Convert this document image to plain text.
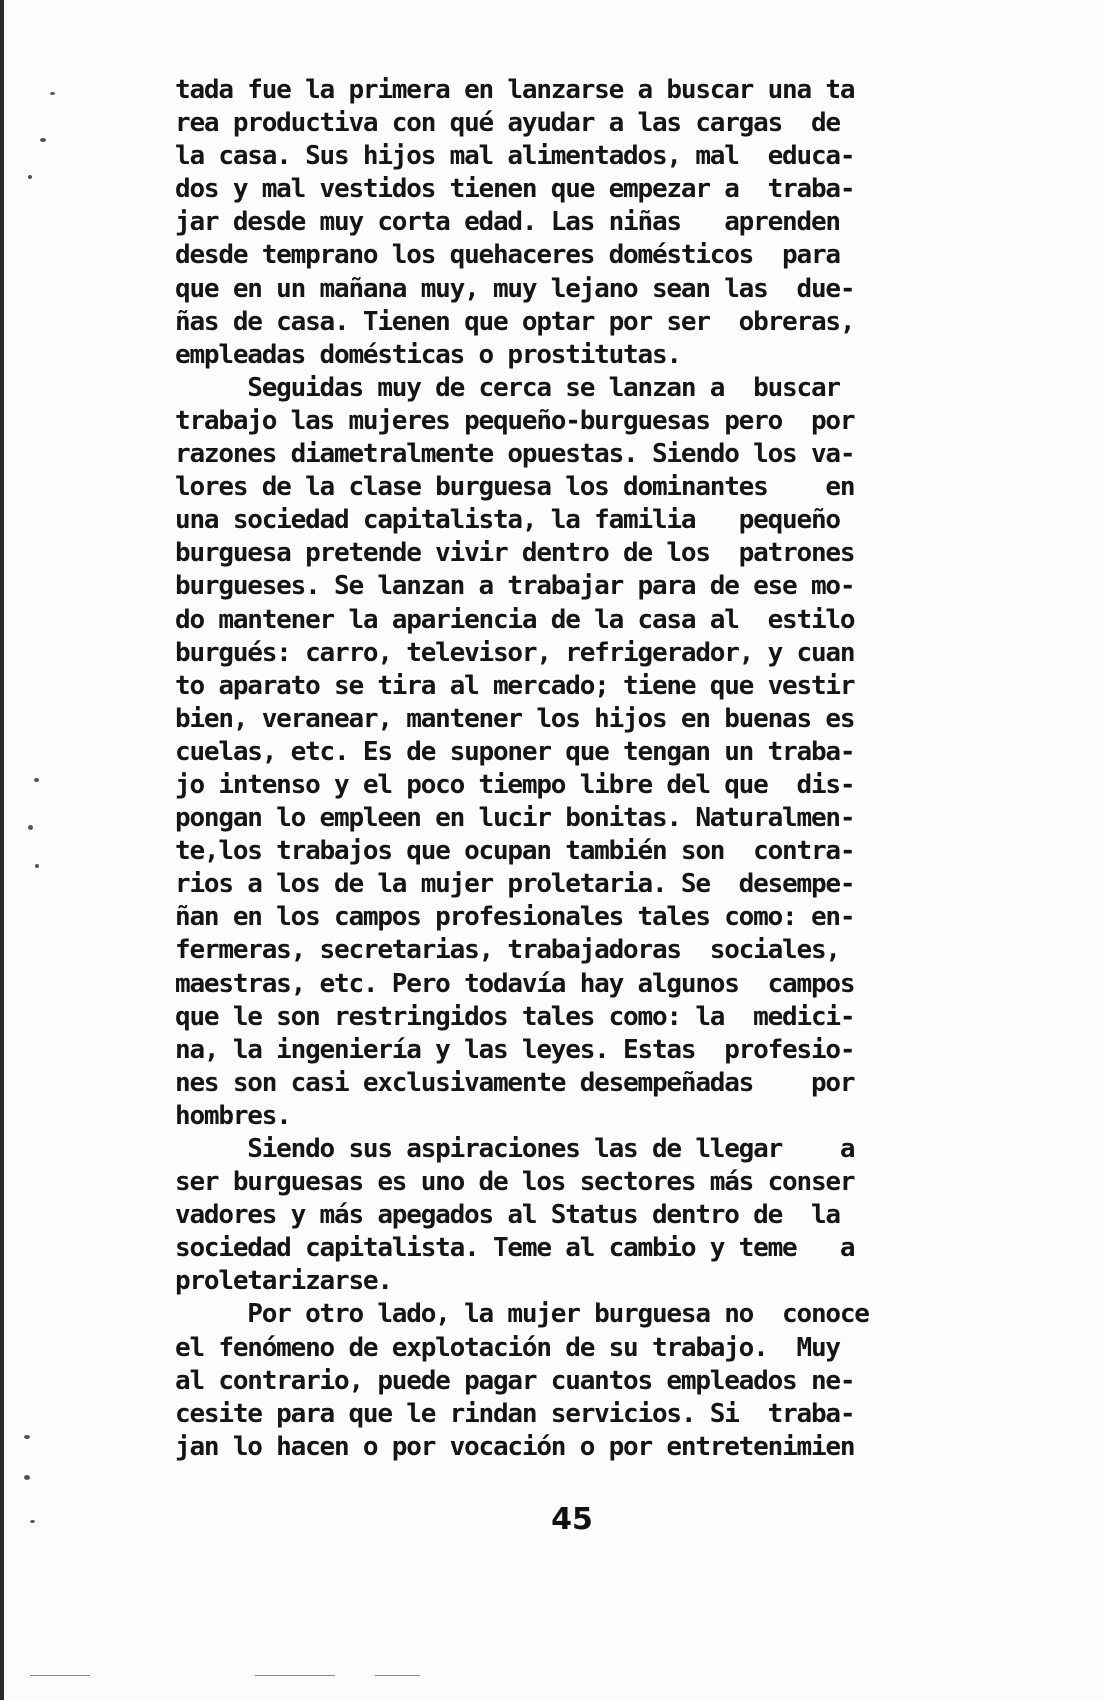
tada fue la primera en lanzarse a buscar una ta
rea productiva con qué ayudar a las cargas  de
la casa. Sus hijos mal alimentados, mal  educa-
dos y mal vestidos tienen que empezar a  traba-
jar desde muy corta edad. Las niñas   aprenden
desde temprano los quehaceres domésticos  para
que en un mañana muy, muy lejano sean las  due-
ñas de casa. Tienen que optar por ser  obreras,
empleadas domésticas o prostitutas.
Seguidas muy de cerca se lanzan a  buscar
trabajo las mujeres pequeño-burguesas pero  por
razones diametralmente opuestas. Siendo los va-
lores de la clase burguesa los dominantes    en
una sociedad capitalista, la familia   pequeño
burguesa pretende vivir dentro de los  patrones
burgueses. Se lanzan a trabajar para de ese mo-
do mantener la apariencia de la casa al  estilo
burgués: carro, televisor, refrigerador, y cuan
to aparato se tira al mercado; tiene que vestir
bien, veranear, mantener los hijos en buenas es
cuelas, etc. Es de suponer que tengan un traba-
jo intenso y el poco tiempo libre del que  dis-
pongan lo empleen en lucir bonitas. Naturalmen-
te,los trabajos que ocupan también son  contra-
rios a los de la mujer proletaria. Se  desempe-
ñan en los campos profesionales tales como: en-
fermeras, secretarias, trabajadoras  sociales,
maestras, etc. Pero todavía hay algunos  campos
que le son restringidos tales como: la  medici-
na, la ingeniería y las leyes. Estas  profesio-
nes son casi exclusivamente desempeñadas    por
hombres.
Siendo sus aspiraciones las de llegar    a
ser burguesas es uno de los sectores más conser
vadores y más apegados al Status dentro de  la
sociedad capitalista. Teme al cambio y teme   a
proletarizarse.
Por otro lado, la mujer burguesa no  conoce
el fenómeno de explotación de su trabajo.  Muy
al contrario, puede pagar cuantos empleados ne-
cesite para que le rindan servicios. Si  traba-
jan lo hacen o por vocación o por entretenimien
45
